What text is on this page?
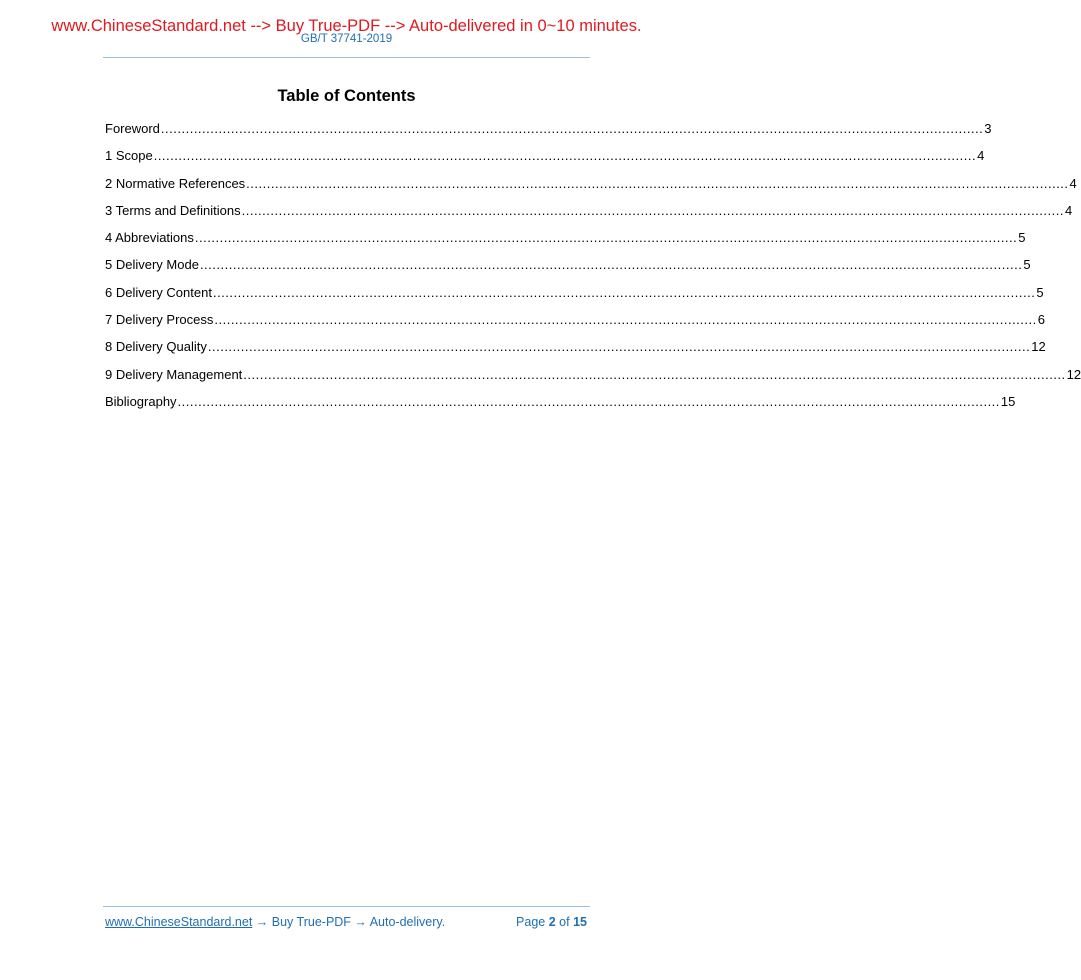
www.ChineseStandard.net --> Buy True-PDF --> Auto-delivered in 0~10 minutes.
GB/T 37741-2019
Table of Contents
Foreword ........................................................................................................................................................................................................ 3
1 Scope ........................................................................................................................................................................................................ 4
2 Normative References ........................................................................................................................................................................................................ 4
3 Terms and Definitions ........................................................................................................................................................................................................ 4
4 Abbreviations ........................................................................................................................................................................................................ 5
5 Delivery Mode ........................................................................................................................................................................................................ 5
6 Delivery Content ........................................................................................................................................................................................................ 5
7 Delivery Process ........................................................................................................................................................................................................ 6
8 Delivery Quality ........................................................................................................................................................................................................ 12
9 Delivery Management ........................................................................................................................................................................................................ 12
Bibliography ........................................................................................................................................................................................................ 15
www.ChineseStandard.net → Buy True-PDF → Auto-delivery.	Page 2 of 15
